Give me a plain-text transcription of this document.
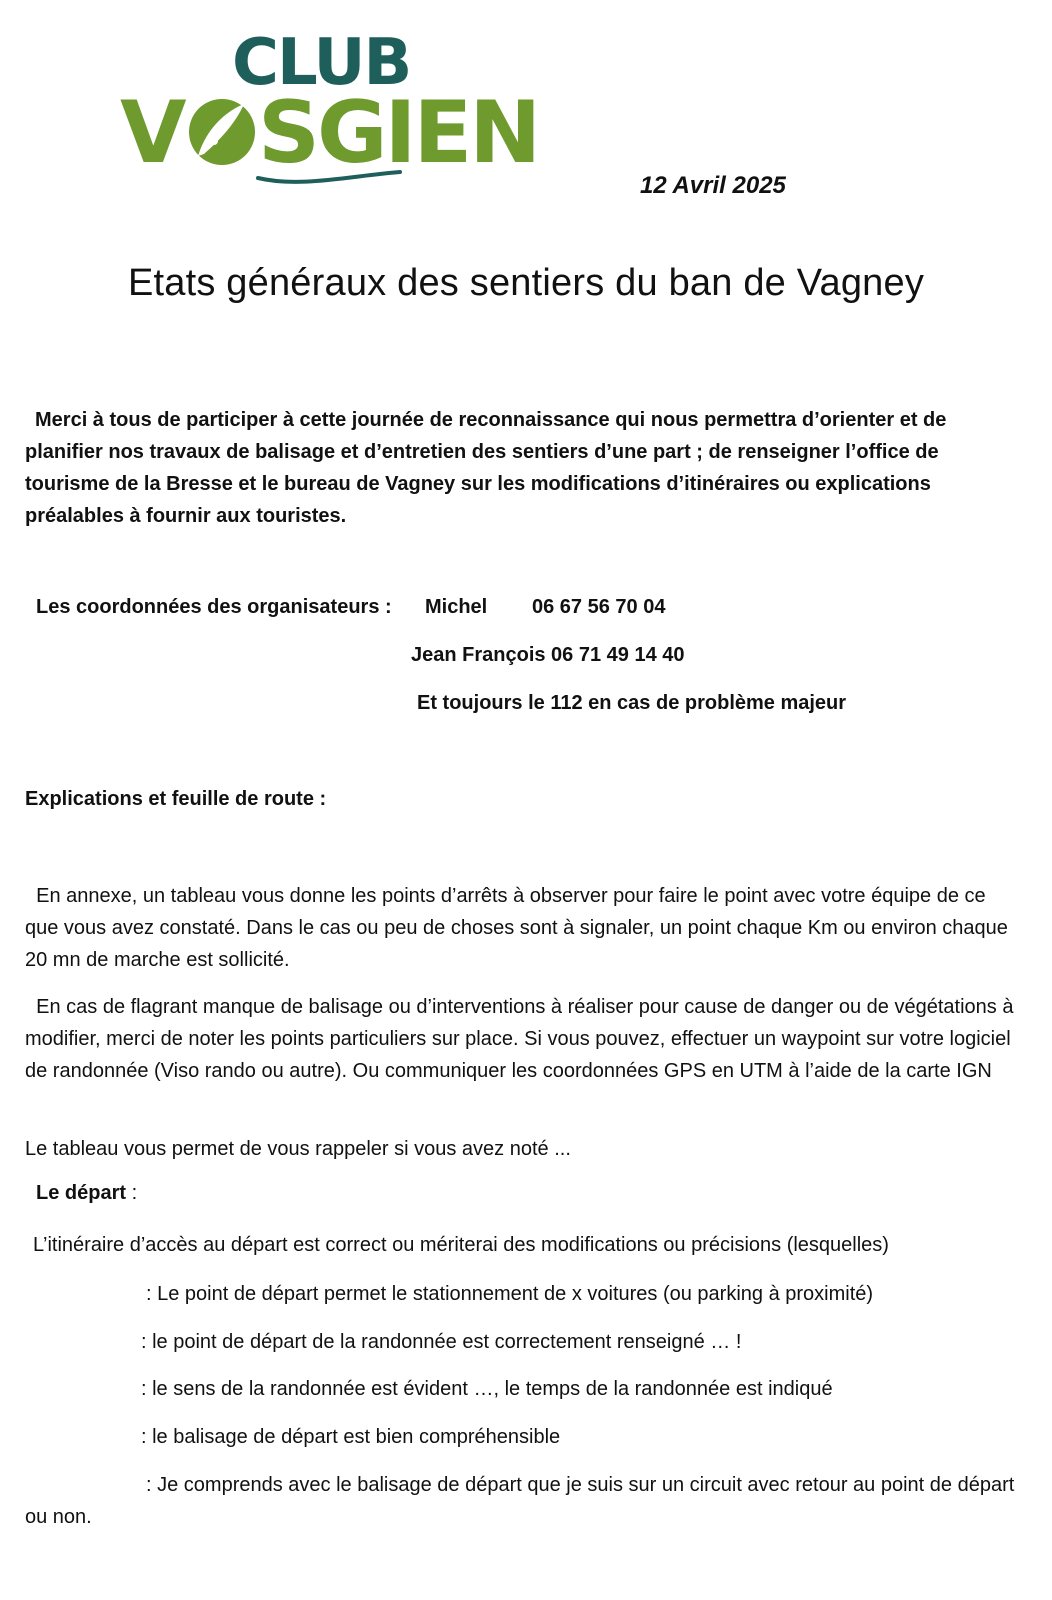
CLUB
V SGIEN
12 Avril 2025
Etats généraux des sentiers du ban de Vagney
Merci à tous de participer à cette journée de reconnaissance qui nous permettra d’orienter et de planifier nos travaux de balisage et d’entretien des sentiers d’une part ; de renseigner l’office de tourisme de la Bresse et le bureau de Vagney sur les modifications d’itinéraires ou explications préalables à fournir aux touristes.
Les coordonnées des organisateurs : Michel 06 67 56 70 04
Jean François 06 71 49 14 40
Et toujours le 112 en cas de problème majeur
Explications et feuille de route :
En annexe, un tableau vous donne les points d’arrêts à observer pour faire le point avec votre équipe de ce que vous avez constaté. Dans le cas ou peu de choses sont à signaler, un point chaque Km ou environ chaque 20 mn de marche est sollicité.
En cas de flagrant manque de balisage ou d’interventions à réaliser pour cause de danger ou de végétations à modifier, merci de noter les points particuliers sur place. Si vous pouvez, effectuer un waypoint sur votre logiciel de randonnée (Viso rando ou autre). Ou communiquer les coordonnées GPS en UTM à l’aide de la carte IGN
Le tableau vous permet de vous rappeler si vous avez noté ...
Le départ :
L’itinéraire d’accès au départ est correct ou mériterai des modifications ou précisions (lesquelles)
: Le point de départ permet le stationnement de x voitures (ou parking à proximité)
: le point de départ de la randonnée est correctement renseigné … !
: le sens de la randonnée est évident …, le temps de la randonnée est indiqué
: le balisage de départ est bien compréhensible
: Je comprends avec le balisage de départ que je suis sur un circuit avec retour au point de départ ou non.
